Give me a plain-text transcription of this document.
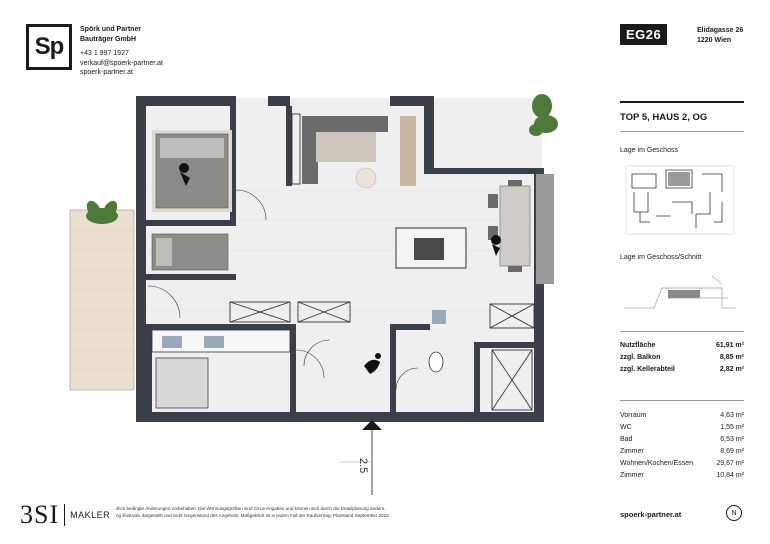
Sp
Spörk und Partner
Bauträger GmbH
+43 1 997 1927
verkauf@spoerk-partner.at
spoerk-partner.at
EG26	Elidagasse 26
1220 Wien
TOP 5, HAUS 2, OG
Lage im Geschoss
Lage im Geschoss/Schnitt
Nutzfläche	61,91 m²
zzgl. Balkon	8,85 m²
zzgl. Kellerabteil	2,82 m²
Vorraum	4,63 m²
WC	1,55 m²
Bad	6,53 m²
Zimmer	8,69 m²
Wohnen/Kochen/Essen	29,67 m²
Zimmer	10,84 m²
spoerk-partner.at	N
3SI MAKLER
zlich bedingte Änderungen vorbehalten. Die Wohnungsgrößen sind Circa-Angaben und können sich durch die Detailplanung ändern.
ng illustrativ dargestellt und nicht Gegenstand des Angebots. Maßgeblich ist in jedem Fall der Kaufvertrag. Planstand September 2023.
2.5
